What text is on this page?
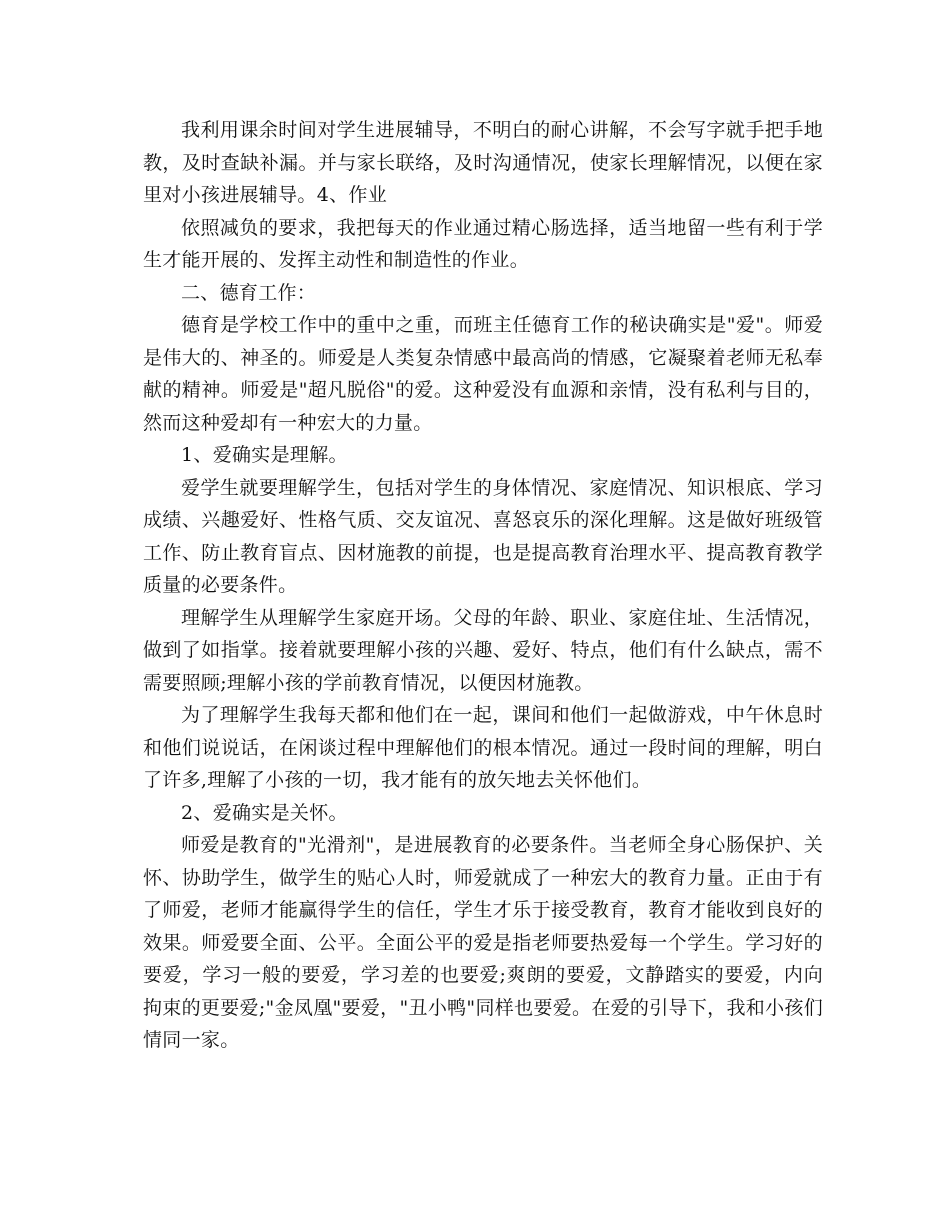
我利用课余时间对学生进展辅导，不明白的耐心讲解，不会写字就手把手地教，及时查缺补漏。并与家长联络，及时沟通情况，使家长理解情况，以便在家里对小孩进展辅导。4、作业

依照减负的要求，我把每天的作业通过精心肠选择，适当地留一些有利于学生才能开展的、发挥主动性和制造性的作业。

二、德育工作：

德育是学校工作中的重中之重，而班主任德育工作的秘诀确实是"爱"。师爱是伟大的、神圣的。师爱是人类复杂情感中最高尚的情感，它凝聚着老师无私奉献的精神。师爱是"超凡脱俗"的爱。这种爱没有血源和亲情，没有私利与目的，然而这种爱却有一种宏大的力量。

1、爱确实是理解。

爱学生就要理解学生，包括对学生的身体情况、家庭情况、知识根底、学习成绩、兴趣爱好、性格气质、交友谊况、喜怒哀乐的深化理解。这是做好班级管工作、防止教育盲点、因材施教的前提，也是提高教育治理水平、提高教育教学质量的必要条件。

理解学生从理解学生家庭开场。父母的年龄、职业、家庭住址、生活情况，做到了如指掌。接着就要理解小孩的兴趣、爱好、特点，他们有什么缺点，需不需要照顾;理解小孩的学前教育情况，以便因材施教。

为了理解学生我每天都和他们在一起，课间和他们一起做游戏，中午休息时和他们说说话，在闲谈过程中理解他们的根本情况。通过一段时间的理解，明白了许多,理解了小孩的一切，我才能有的放矢地去关怀他们。

2、爱确实是关怀。

师爱是教育的"光滑剂"，是进展教育的必要条件。当老师全身心肠保护、关怀、协助学生，做学生的贴心人时，师爱就成了一种宏大的教育力量。正由于有了师爱，老师才能赢得学生的信任，学生才乐于接受教育，教育才能收到良好的效果。师爱要全面、公平。全面公平的爱是指老师要热爱每一个学生。学习好的要爱，学习一般的要爱，学习差的也要爱;爽朗的要爱，文静踏实的要爱，内向拘束的更要爱;"金凤凰"要爱，"丑小鸭"同样也要爱。在爱的引导下，我和小孩们情同一家。
